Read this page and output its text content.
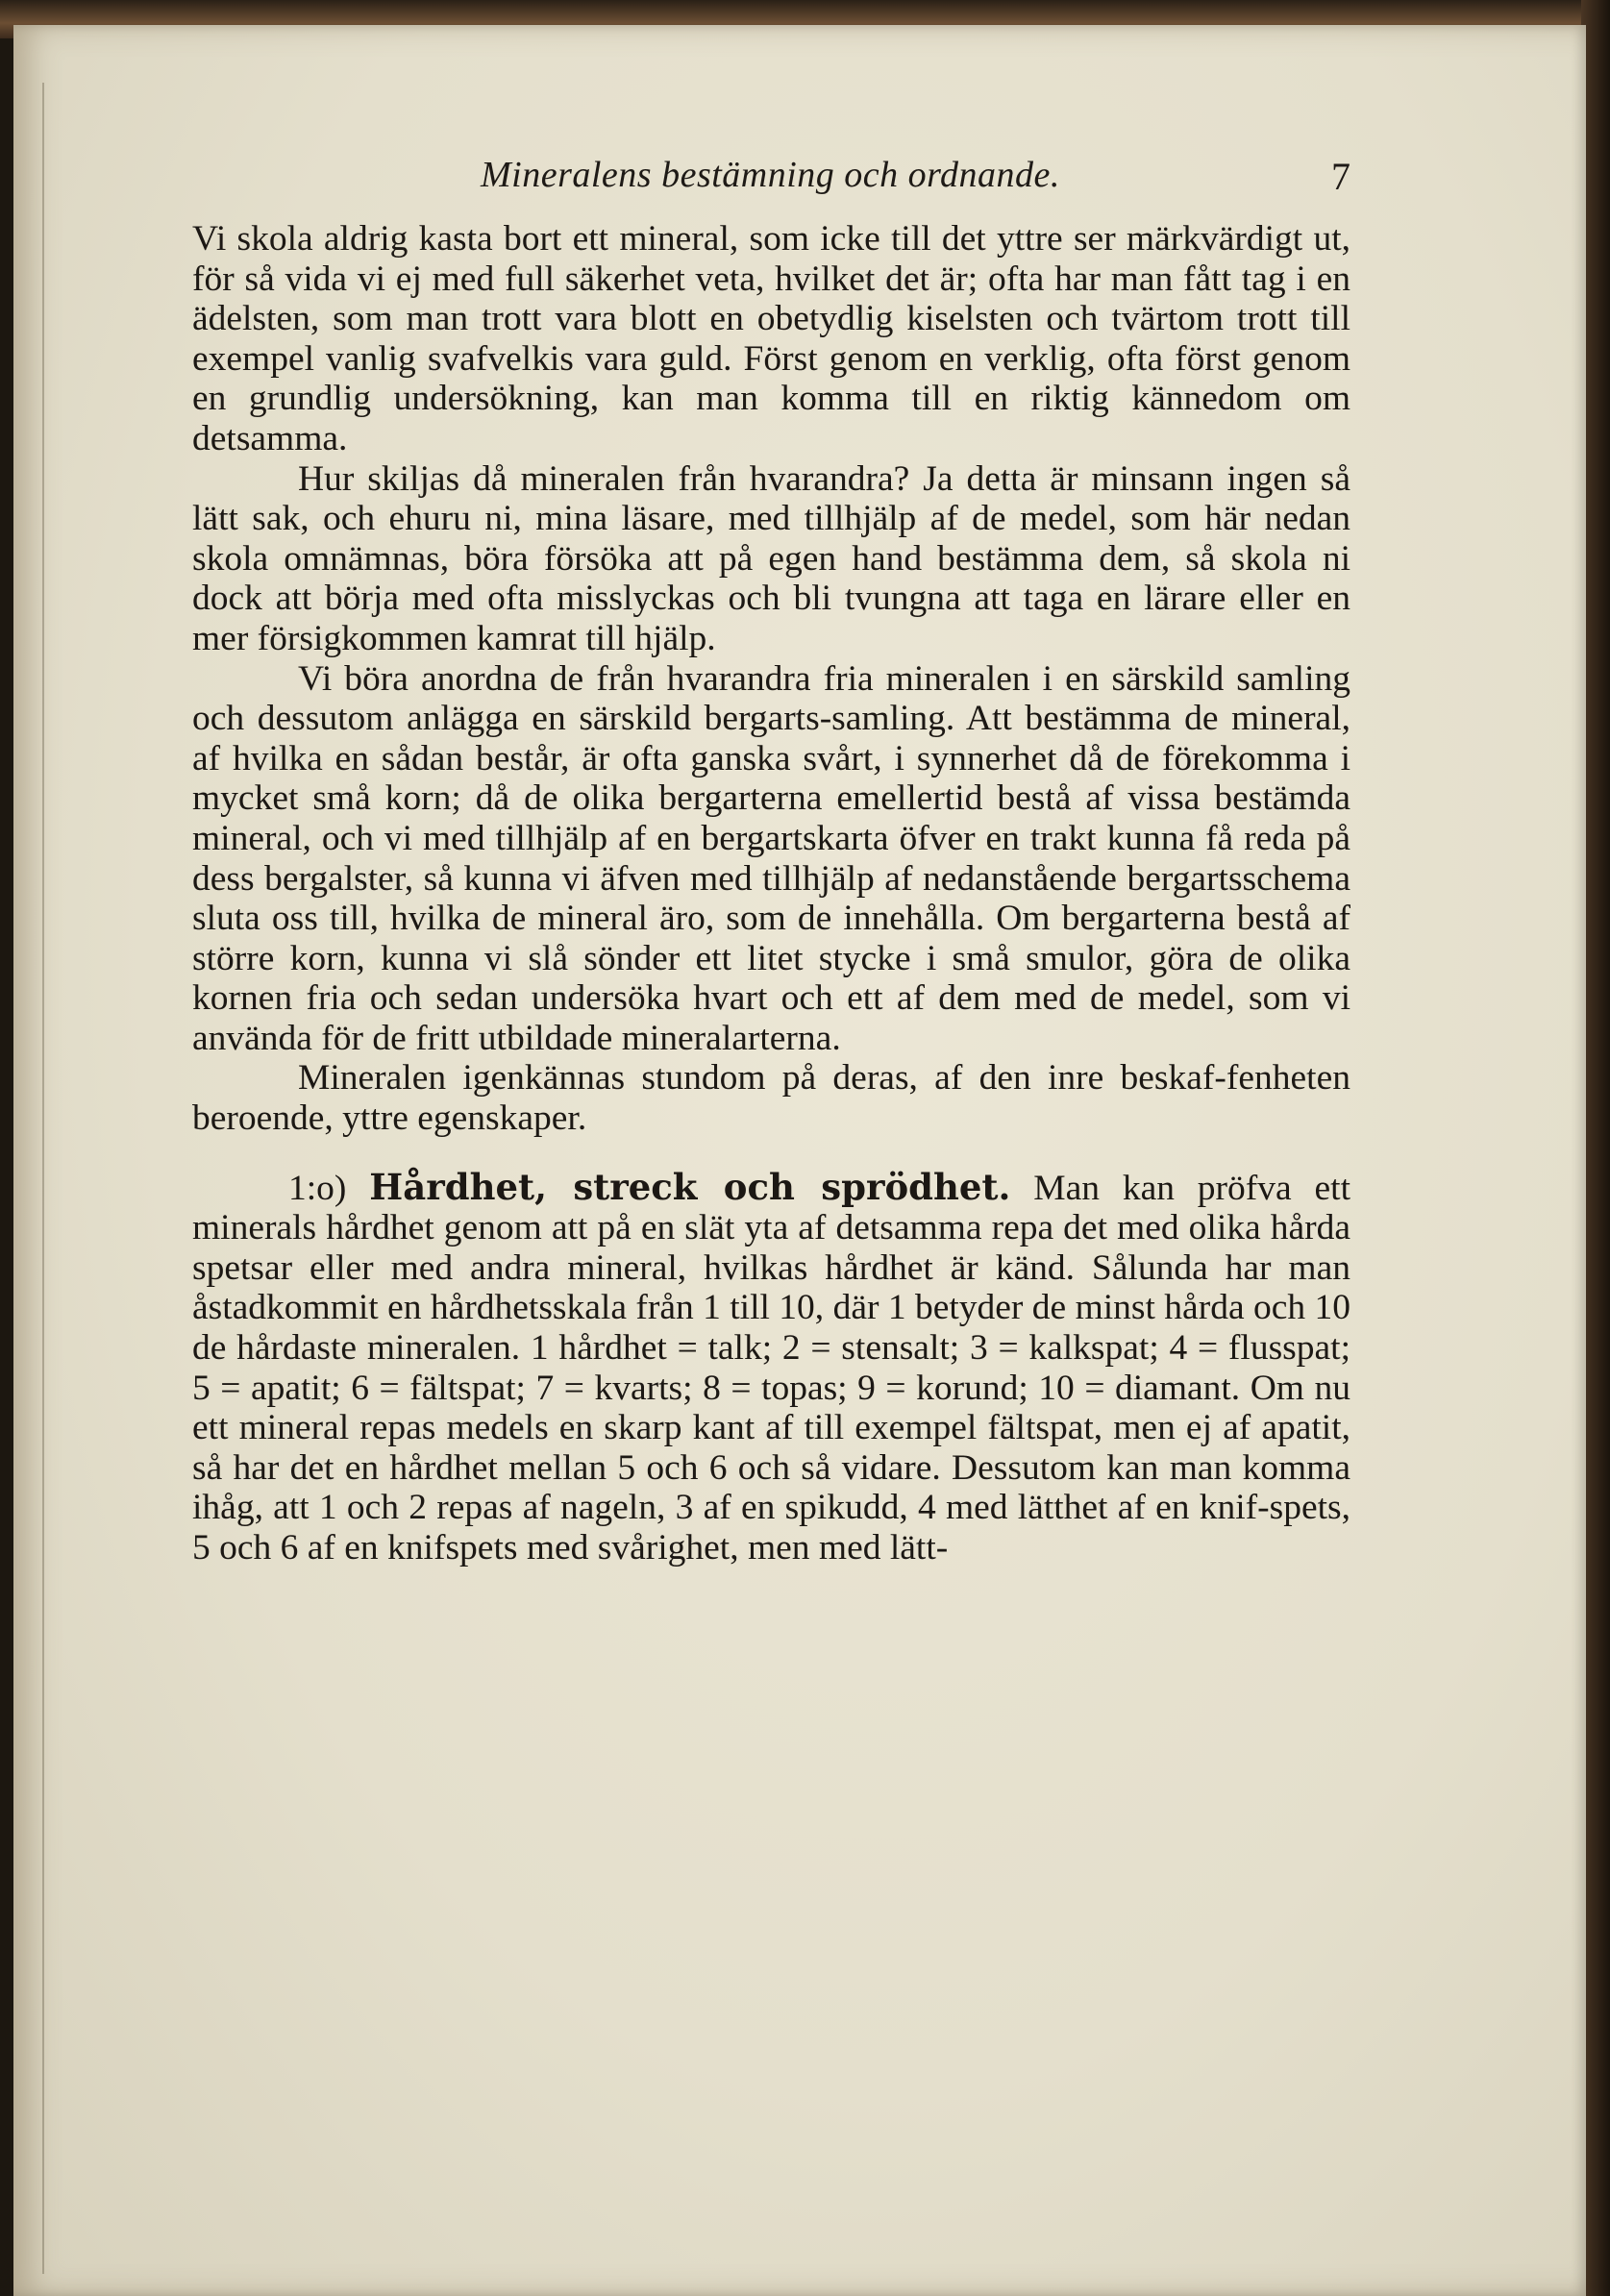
Mineralens bestämning och ordnande.	7

Vi skola aldrig kasta bort ett mineral, som icke till det yttre ser märkvärdigt ut, för så vida vi ej med full säkerhet veta, hvilket det är; ofta har man fått tag i en ädelsten, som man trott vara blott en obetydlig kiselsten och tvärtom trott till exempel vanlig svafvelkis vara guld. Först genom en verklig, ofta först genom en grundlig undersökning, kan man komma till en riktig kännedom om detsamma.

Hur skiljas då mineralen från hvarandra? Ja detta är minsann ingen så lätt sak, och ehuru ni, mina läsare, med tillhjälp af de medel, som här nedan skola omnämnas, böra försöka att på egen hand bestämma dem, så skola ni dock att börja med ofta misslyckas och bli tvungna att taga en lärare eller en mer försigkommen kamrat till hjälp.

Vi böra anordna de från hvarandra fria mineralen i en särskild samling och dessutom anlägga en särskild bergarts-samling. Att bestämma de mineral, af hvilka en sådan består, är ofta ganska svårt, i synnerhet då de förekomma i mycket små korn; då de olika bergarterna emellertid bestå af vissa bestämda mineral, och vi med tillhjälp af en bergartskarta öfver en trakt kunna få reda på dess bergalster, så kunna vi äfven med tillhjälp af nedanstående bergartsschema sluta oss till, hvilka de mineral äro, som de innehålla. Om bergarterna bestå af större korn, kunna vi slå sönder ett litet stycke i små smulor, göra de olika kornen fria och sedan undersöka hvart och ett af dem med de medel, som vi använda för de fritt utbildade mineralarterna.

Mineralen igenkännas stundom på deras, af den inre beskaf-fenheten beroende, yttre egenskaper.

1:o) Hårdhet, streck och sprödhet. Man kan pröfva ett minerals hårdhet genom att på en slät yta af detsamma repa det med olika hårda spetsar eller med andra mineral, hvilkas hårdhet är känd. Sålunda har man åstadkommit en hårdhetsskala från 1 till 10, där 1 betyder de minst hårda och 10 de hårdaste mineralen. 1 hårdhet = talk; 2 = stensalt; 3 = kalkspat; 4 = flusspat; 5 = apatit; 6 = fältspat; 7 = kvarts; 8 = topas; 9 = korund; 10 = diamant. Om nu ett mineral repas medels en skarp kant af till exempel fältspat, men ej af apatit, så har det en hårdhet mellan 5 och 6 och så vidare. Dessutom kan man komma ihåg, att 1 och 2 repas af nageln, 3 af en spikudd, 4 med lätthet af en knif-spets, 5 och 6 af en knifspets med svårighet, men med lätt-
